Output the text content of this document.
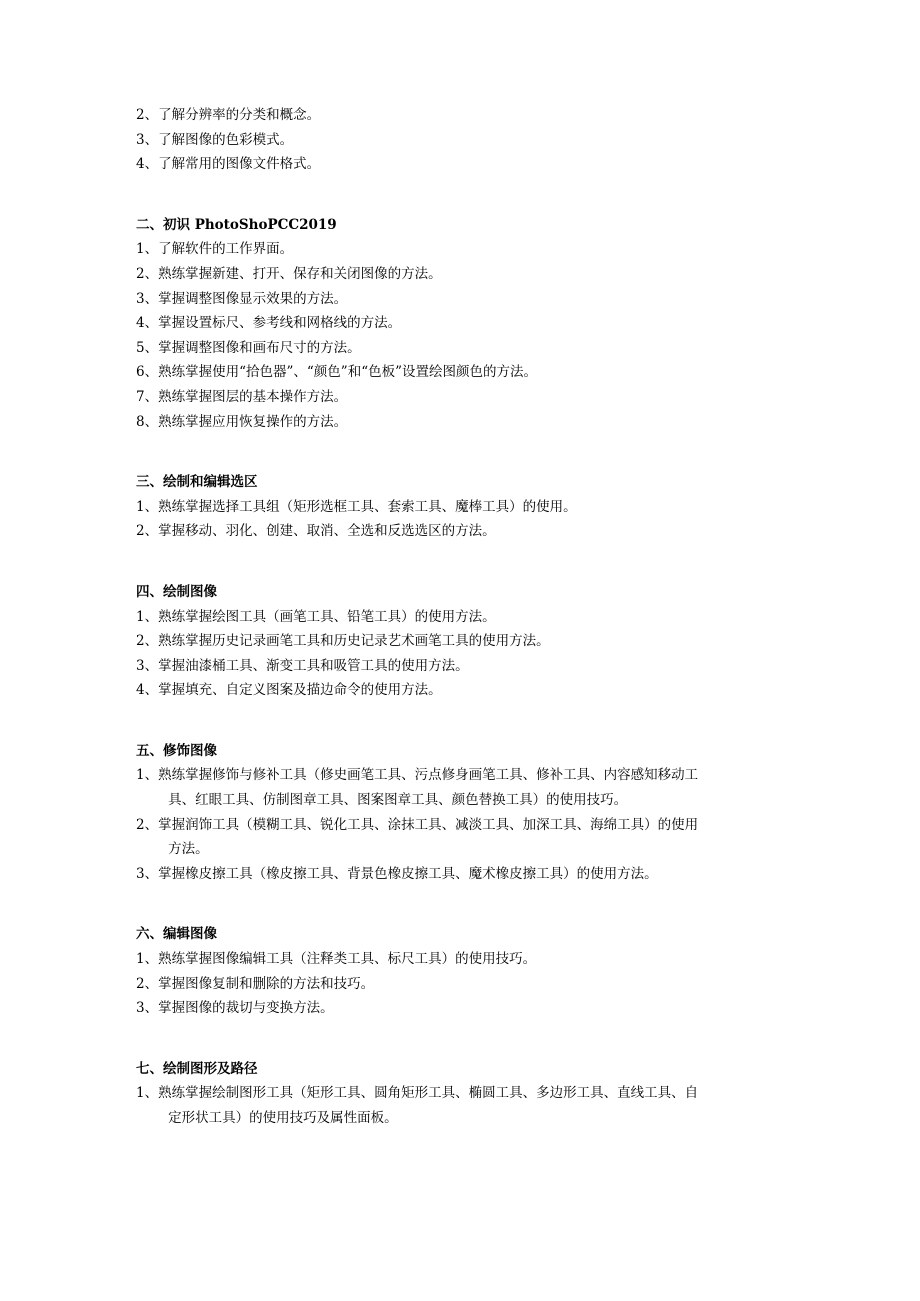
2、 了解分辨率的分类和概念。
3、 了解图像的色彩模式。
4、 了解常用的图像文件格式。

二、初识 PhotoShoPCC2019

1、 了解软件的工作界面。
2、 熟练掌握新建、打开、保存和关闭图像的方法。
3、 掌握调整图像显示效果的方法。
4、 掌握设置标尺、参考线和网格线的方法。
5、 掌握调整图像和画布尺寸的方法。
6、 熟练掌握使用“拾色器”、“颜色”和“色板”设置绘图颜色的方法。
7、 熟练掌握图层的基本操作方法。
8、 熟练掌握应用恢复操作的方法。

三、绘制和编辑选区

1、 熟练掌握选择工具组（矩形选框工具、套索工具、魔棒工具）的使用。
2、 掌握移动、羽化、创建、取消、全选和反选选区的方法。

四、绘制图像

1、 熟练掌握绘图工具（画笔工具、铅笔工具）的使用方法。
2、 熟练掌握历史记录画笔工具和历史记录艺术画笔工具的使用方法。
3、 掌握油漆桶工具、渐变工具和吸管工具的使用方法。
4、 掌握填充、自定义图案及描边命令的使用方法。

五、修饰图像

1、 熟练掌握修饰与修补工具（修史画笔工具、污点修身画笔工具、修补工具、内容感知移动工
具、红眼工具、仿制图章工具、图案图章工具、颜色替换工具）的使用技巧。
2、 掌握润饰工具（模糊工具、锐化工具、涂抹工具、减淡工具、加深工具、海绵工具）的使用
方法。
3、 掌握橡皮擦工具（橡皮擦工具、背景色橡皮擦工具、魔术橡皮擦工具）的使用方法。

六、编辑图像

1、 熟练掌握图像编辑工具（注释类工具、标尺工具）的使用技巧。
2、 掌握图像复制和删除的方法和技巧。
3、 掌握图像的裁切与变换方法。

七、绘制图形及路径

1、 熟练掌握绘制图形工具（矩形工具、圆角矩形工具、椭圆工具、多边形工具、直线工具、自
定形状工具）的使用技巧及属性面板。
